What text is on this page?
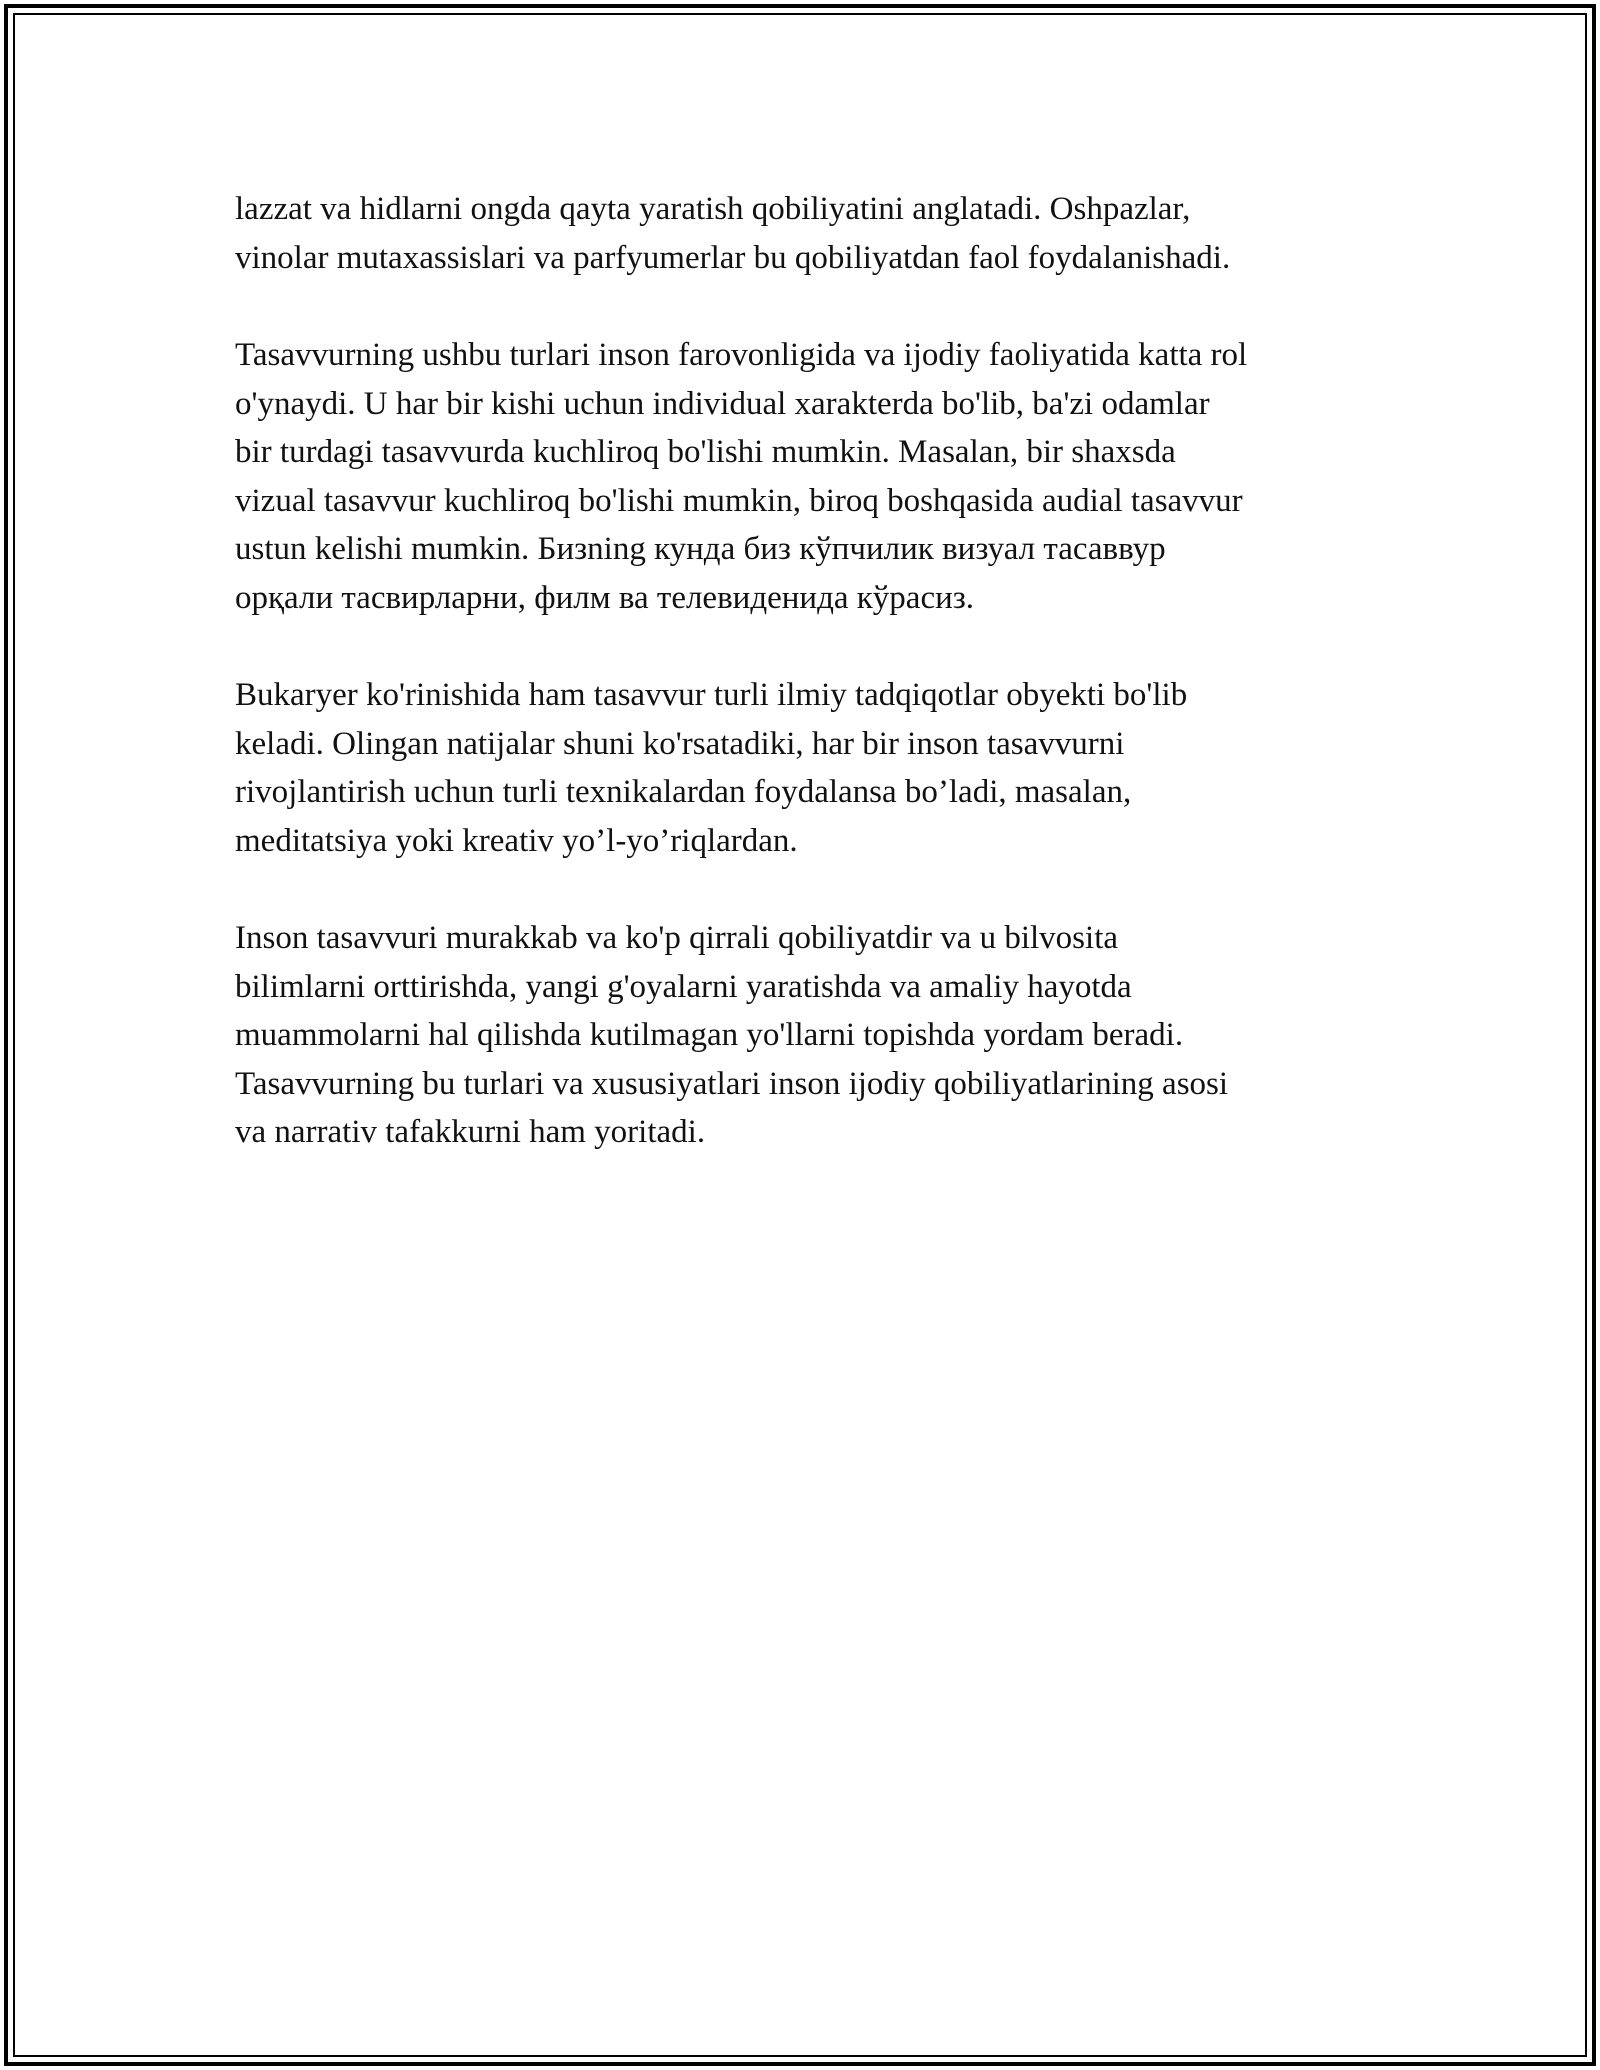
lazzat va hidlarni ongda qayta yaratish qobiliyatini anglatadi. Oshpazlar,
vinolar mutaxassislari va parfyumerlar bu qobiliyatdan faol foydalanishadi.

Tasavvurning ushbu turlari inson farovonligida va ijodiy faoliyatida katta rol
o'ynaydi. U har bir kishi uchun individual xarakterda bo'lib, ba'zi odamlar
bir turdagi tasavvurda kuchliroq bo'lishi mumkin. Masalan, bir shaxsda
vizual tasavvur kuchliroq bo'lishi mumkin, biroq boshqasida audial tasavvur
ustun kelishi mumkin. Бизning кунда биз кўпчилик визуал тасаввур
орқали тасвирларни, филм ва телевиденида кўрасиз.

Bukaryer ko'rinishida ham tasavvur turli ilmiy tadqiqotlar obyekti bo'lib
keladi. Olingan natijalar shuni ko'rsatadiki, har bir inson tasavvurni
rivojlantirish uchun turli texnikalardan foydalansa bo’ladi, masalan,
meditatsiya yoki kreativ yo’l-yo’riqlardan.

Inson tasavvuri murakkab va ko'p qirrali qobiliyatdir va u bilvosita
bilimlarni orttirishda, yangi g'oyalarni yaratishda va amaliy hayotda
muammolarni hal qilishda kutilmagan yo'llarni topishda yordam beradi.
Tasavvurning bu turlari va xususiyatlari inson ijodiy qobiliyatlarining asosi
va narrativ tafakkurni ham yoritadi.
